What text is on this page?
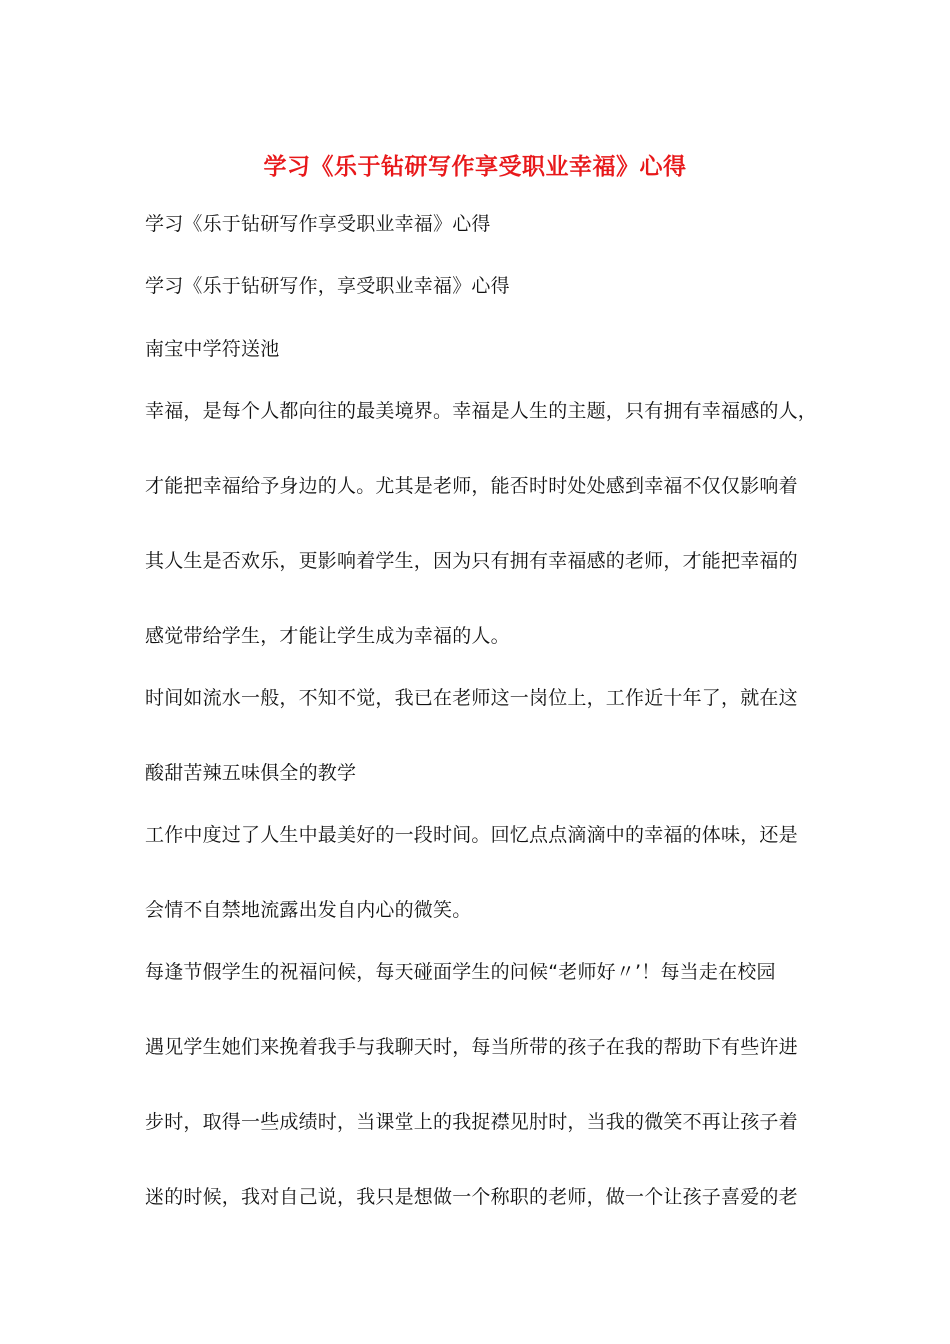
学习《乐于钻研写作享受职业幸福》心得
学习《乐于钻研写作享受职业幸福》心得
学习《乐于钻研写作，享受职业幸福》心得
南宝中学符送池
幸福，是每个人都向往的最美境界。幸福是人生的主题，只有拥有幸福感的人，
才能把幸福给予身边的人。尤其是老师，能否时时处处感到幸福不仅仅影响着
其人生是否欢乐，更影响着学生，因为只有拥有幸福感的老师，才能把幸福的
感觉带给学生，才能让学生成为幸福的人。
时间如流水一般，不知不觉，我已在老师这一岗位上，工作近十年了，就在这
酸甜苦辣五味俱全的教学
工作中度过了人生中最美好的一段时间。回忆点点滴滴中的幸福的体味，还是
会情不自禁地流露出发自内心的微笑。
每逢节假学生的祝福问候，每天碰面学生的问候“老师好〃’！每当走在校园
遇见学生她们来挽着我手与我聊天时，每当所带的孩子在我的帮助下有些许进
步时，取得一些成绩时，当课堂上的我捉襟见肘时，当我的微笑不再让孩子着
迷的时候，我对自己说，我只是想做一个称职的老师，做一个让孩子喜爱的老
